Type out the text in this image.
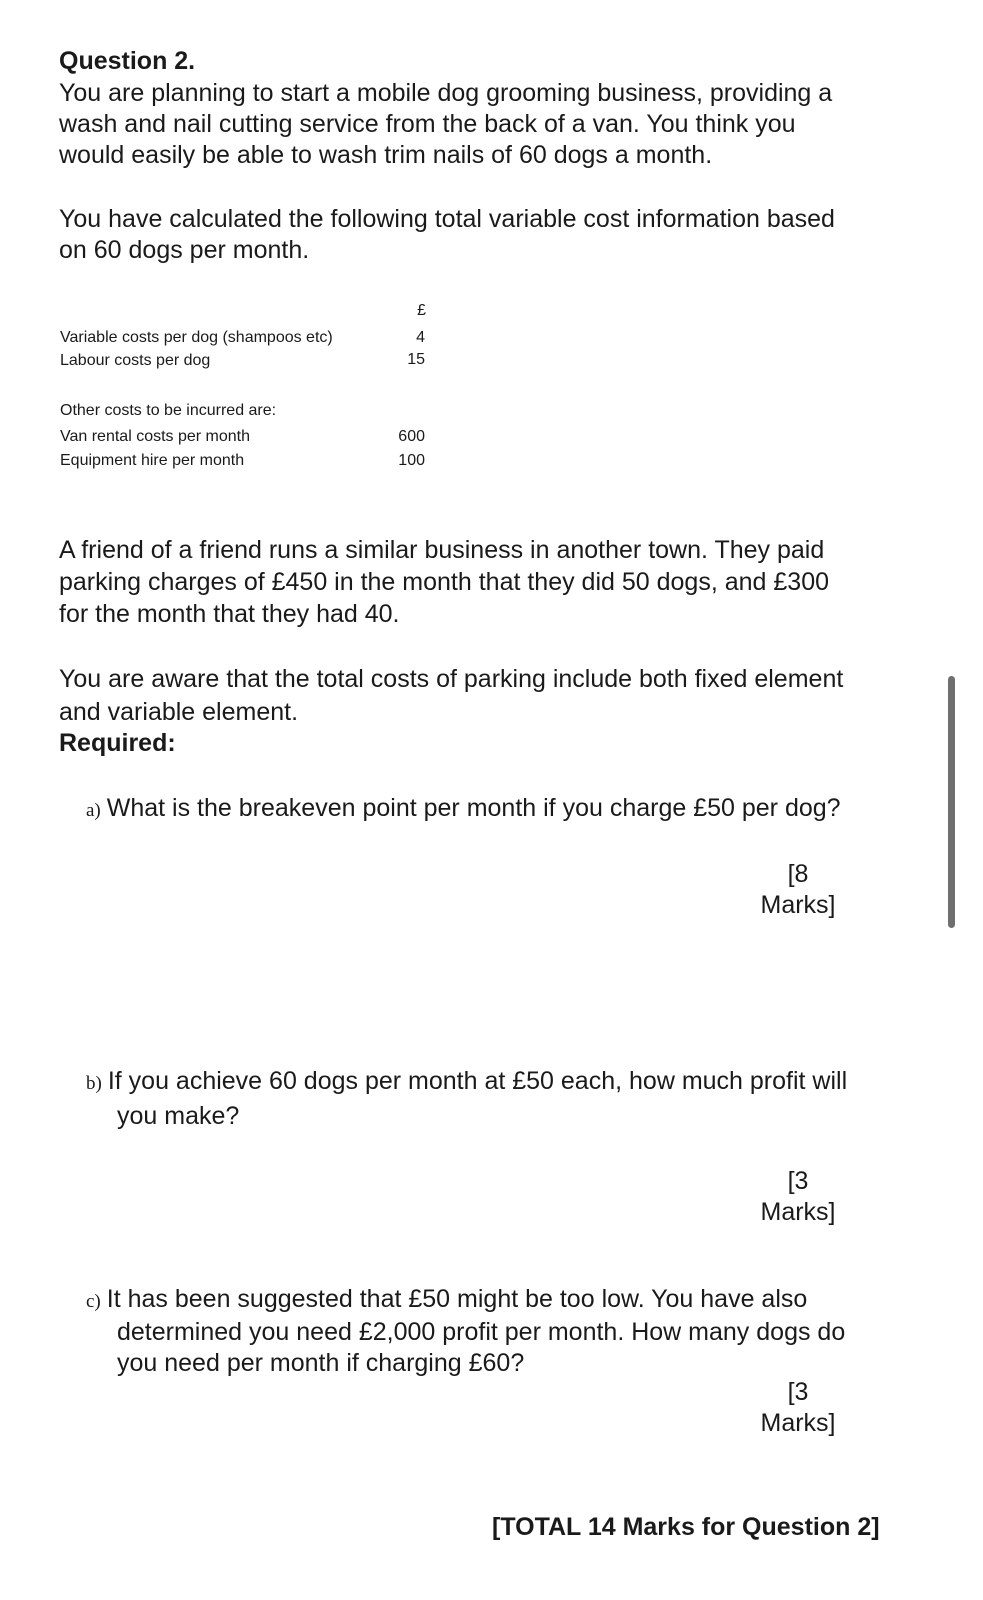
Question 2.
You are planning to start a mobile dog grooming business, providing a
wash and nail cutting service from the back of a van. You think you
would easily be able to wash trim nails of 60 dogs a month.
You have calculated the following total variable cost information based
on 60 dogs per month.
£
Variable costs per dog (shampoos etc)	4
Labour costs per dog	15
Other costs to be incurred are:
Van rental costs per month	600
Equipment hire per month	100
A friend of a friend runs a similar business in another town. They paid
parking charges of £450 in the month that they did 50 dogs, and £300
for the month that they had 40.
You are aware that the total costs of parking include both fixed element
and variable element.
Required:
a) What is the breakeven point per month if you charge £50 per dog?
[8
Marks]
b) If you achieve 60 dogs per month at £50 each, how much profit will
you make?
[3
Marks]
c) It has been suggested that £50 might be too low. You have also
determined you need £2,000 profit per month. How many dogs do
you need per month if charging £60?
[3
Marks]
[TOTAL 14 Marks for Question 2]
